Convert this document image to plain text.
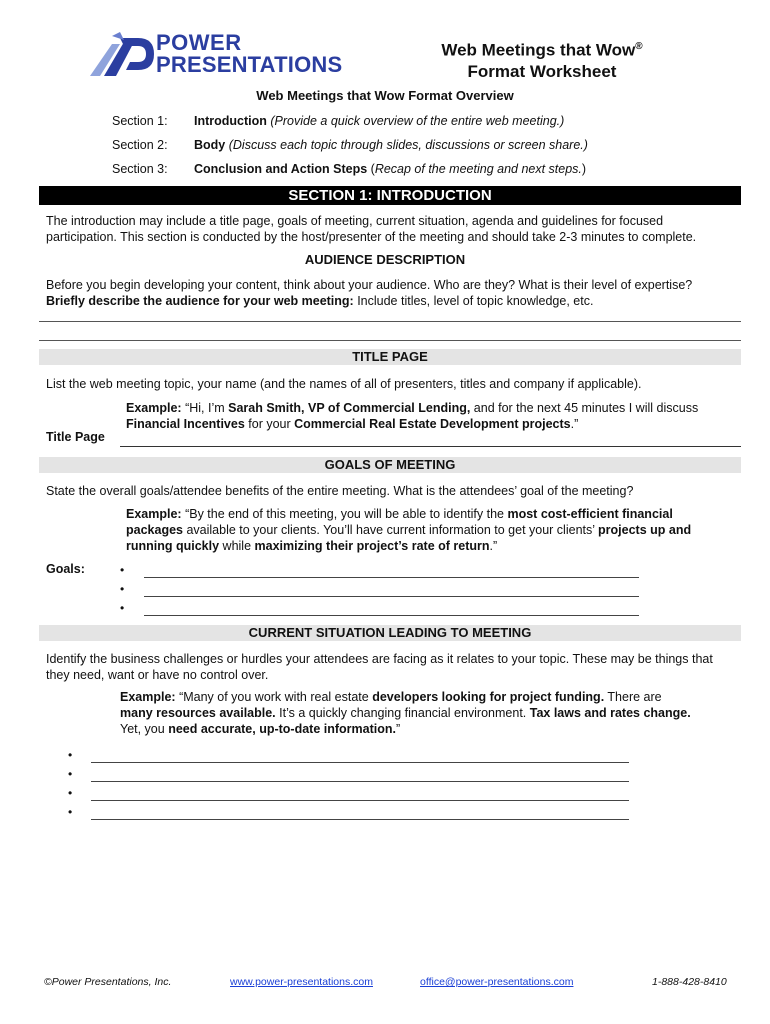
POWER
PRESENTATIONS
Web Meetings that Wow®
Format Worksheet
Web Meetings that Wow Format Overview
Section 1:	Introduction (Provide a quick overview of the entire web meeting.)
Section 2:	Body (Discuss each topic through slides, discussions or screen share.)
Section 3:	Conclusion and Action Steps (Recap of the meeting and next steps.)
SECTION 1: INTRODUCTION
The introduction may include a title page, goals of meeting, current situation, agenda and guidelines for focused participation. This section is conducted by the host/presenter of the meeting and should take 2-3 minutes to complete.
AUDIENCE DESCRIPTION
Before you begin developing your content, think about your audience. Who are they? What is their level of expertise?
Briefly describe the audience for your web meeting: Include titles, level of topic knowledge, etc.
TITLE PAGE
List the web meeting topic, your name (and the names of all of presenters, titles and company if applicable).
Example: “Hi, I’m Sarah Smith, VP of Commercial Lending, and for the next 45 minutes I will discuss
Financial Incentives for your Commercial Real Estate Development projects.”
Title Page
GOALS OF MEETING
State the overall goals/attendee benefits of the entire meeting. What is the attendees’ goal of the meeting?
Example: “By the end of this meeting, you will be able to identify the most cost-efficient financial
packages available to your clients. You’ll have current information to get your clients’ projects up and
running quickly while maximizing their project’s rate of return.”
Goals:	•
•
•
CURRENT SITUATION LEADING TO MEETING
Identify the business challenges or hurdles your attendees are facing as it relates to your topic. These may be things that they need, want or have no control over.
Example: “Many of you work with real estate developers looking for project funding. There are
many resources available. It’s a quickly changing financial environment. Tax laws and rates change.
Yet, you need accurate, up-to-date information.”
•
•
•
•
©Power Presentations, Inc.	www.power-presentations.com	office@power-presentations.com	1-888-428-8410
